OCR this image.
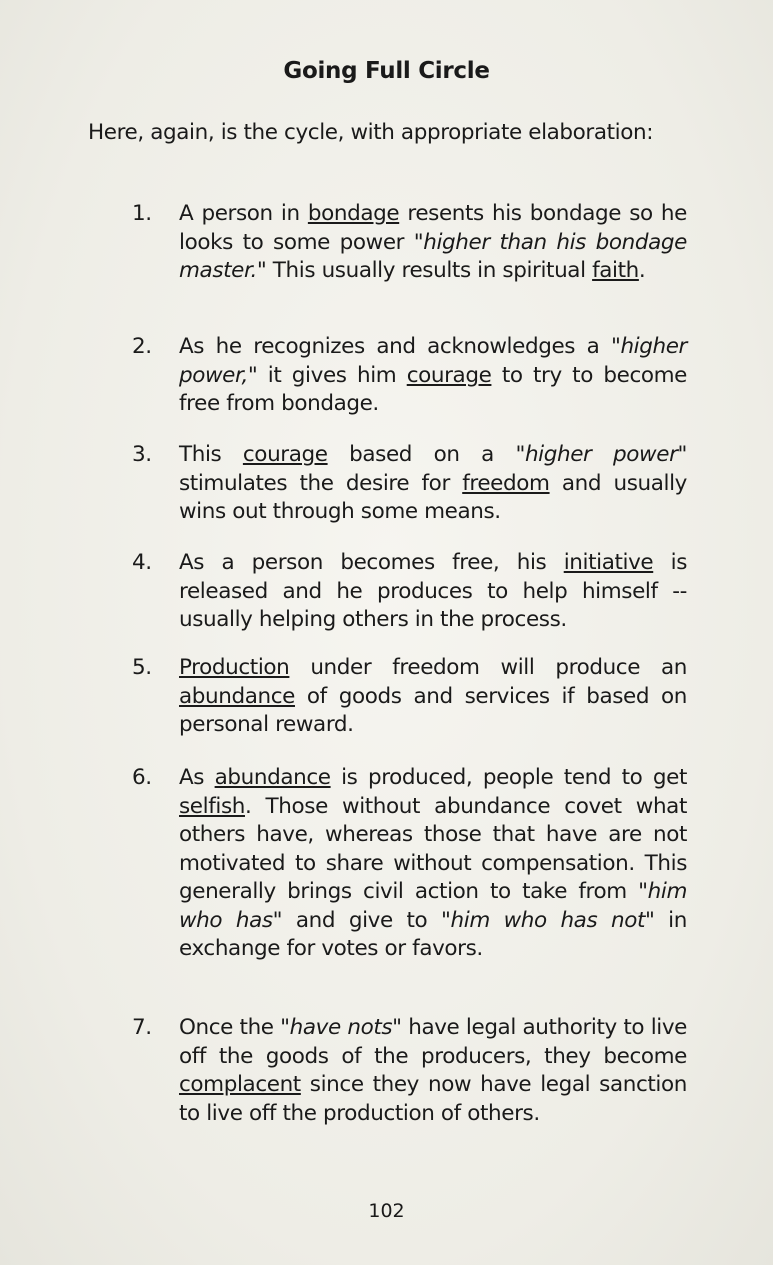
Going Full Circle
Here, again, is the cycle, with appropriate elaboration:
1.	A person in bondage resents his bondage so he looks to some power "higher than his bondage master." This usually results in spiritual faith.
2.	As he recognizes and acknowledges a "higher power," it gives him courage to try to become free from bondage.
3.	This courage based on a "higher power" stimulates the desire for freedom and usually wins out through some means.
4.	As a person becomes free, his initiative is released and he produces to help himself -- usually helping others in the process.
5.	Production under freedom will produce an abundance of goods and services if based on personal reward.
6.	As abundance is produced, people tend to get selfish. Those without abundance covet what others have, whereas those that have are not motivated to share without compensation. This generally brings civil action to take from "him who has" and give to "him who has not" in exchange for votes or favors.
7.	Once the "have nots" have legal authority to live off the goods of the producers, they become complacent since they now have legal sanction to live off the production of others.
102
